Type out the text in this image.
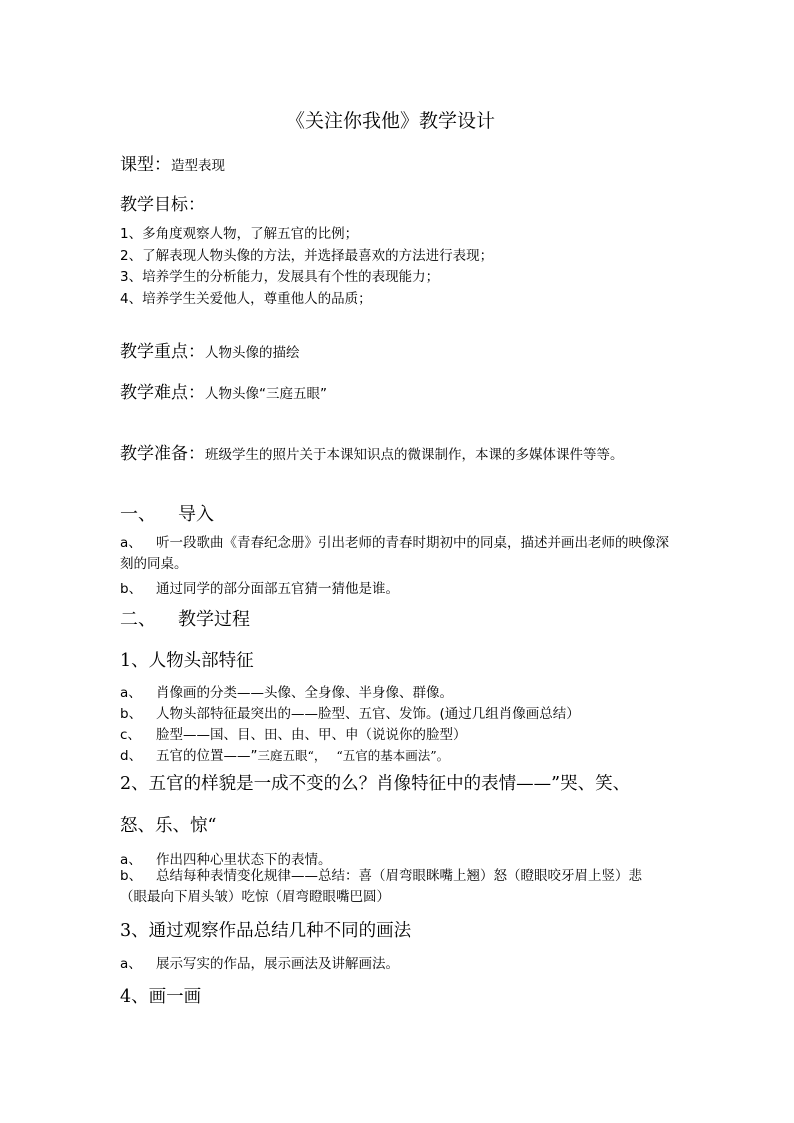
《关注你我他》教学设计
课型：造型表现
教学目标：
1、多角度观察人物，了解五官的比例；
2、了解表现人物头像的方法，并选择最喜欢的方法进行表现；
3、培养学生的分析能力，发展具有个性的表现能力；
4、培养学生关爱他人，尊重他人的品质；
教学重点：人物头像的描绘
教学难点：人物头像“三庭五眼”
教学准备：班级学生的照片关于本课知识点的微课制作，本课的多媒体课件等等。
一、 导入
a、 听一段歌曲《青春纪念册》引出老师的青春时期初中的同桌，描述并画出老师的映像深刻的同桌。
b、 通过同学的部分面部五官猜一猜他是谁。
二、 教学过程
1、人物头部特征
a、 肖像画的分类——头像、全身像、半身像、群像。
b、 人物头部特征最突出的——脸型、五官、发饰。(通过几组肖像画总结）
c、 脸型——国、目、田、由、甲、申（说说你的脸型）
d、 五官的位置——”三庭五眼“， “五官的基本画法”。
2、五官的样貌是一成不变的么？肖像特征中的表情——”哭、笑、
怒、乐、惊“
a、 作出四种心里状态下的表情。
b、 总结每种表情变化规律——总结：喜（眉弯眼眯嘴上翘）怒（瞪眼咬牙眉上竖）悲（眼最向下眉头皱）吃惊（眉弯瞪眼嘴巴圆）
3、通过观察作品总结几种不同的画法
a、 展示写实的作品，展示画法及讲解画法。
4、画一画
